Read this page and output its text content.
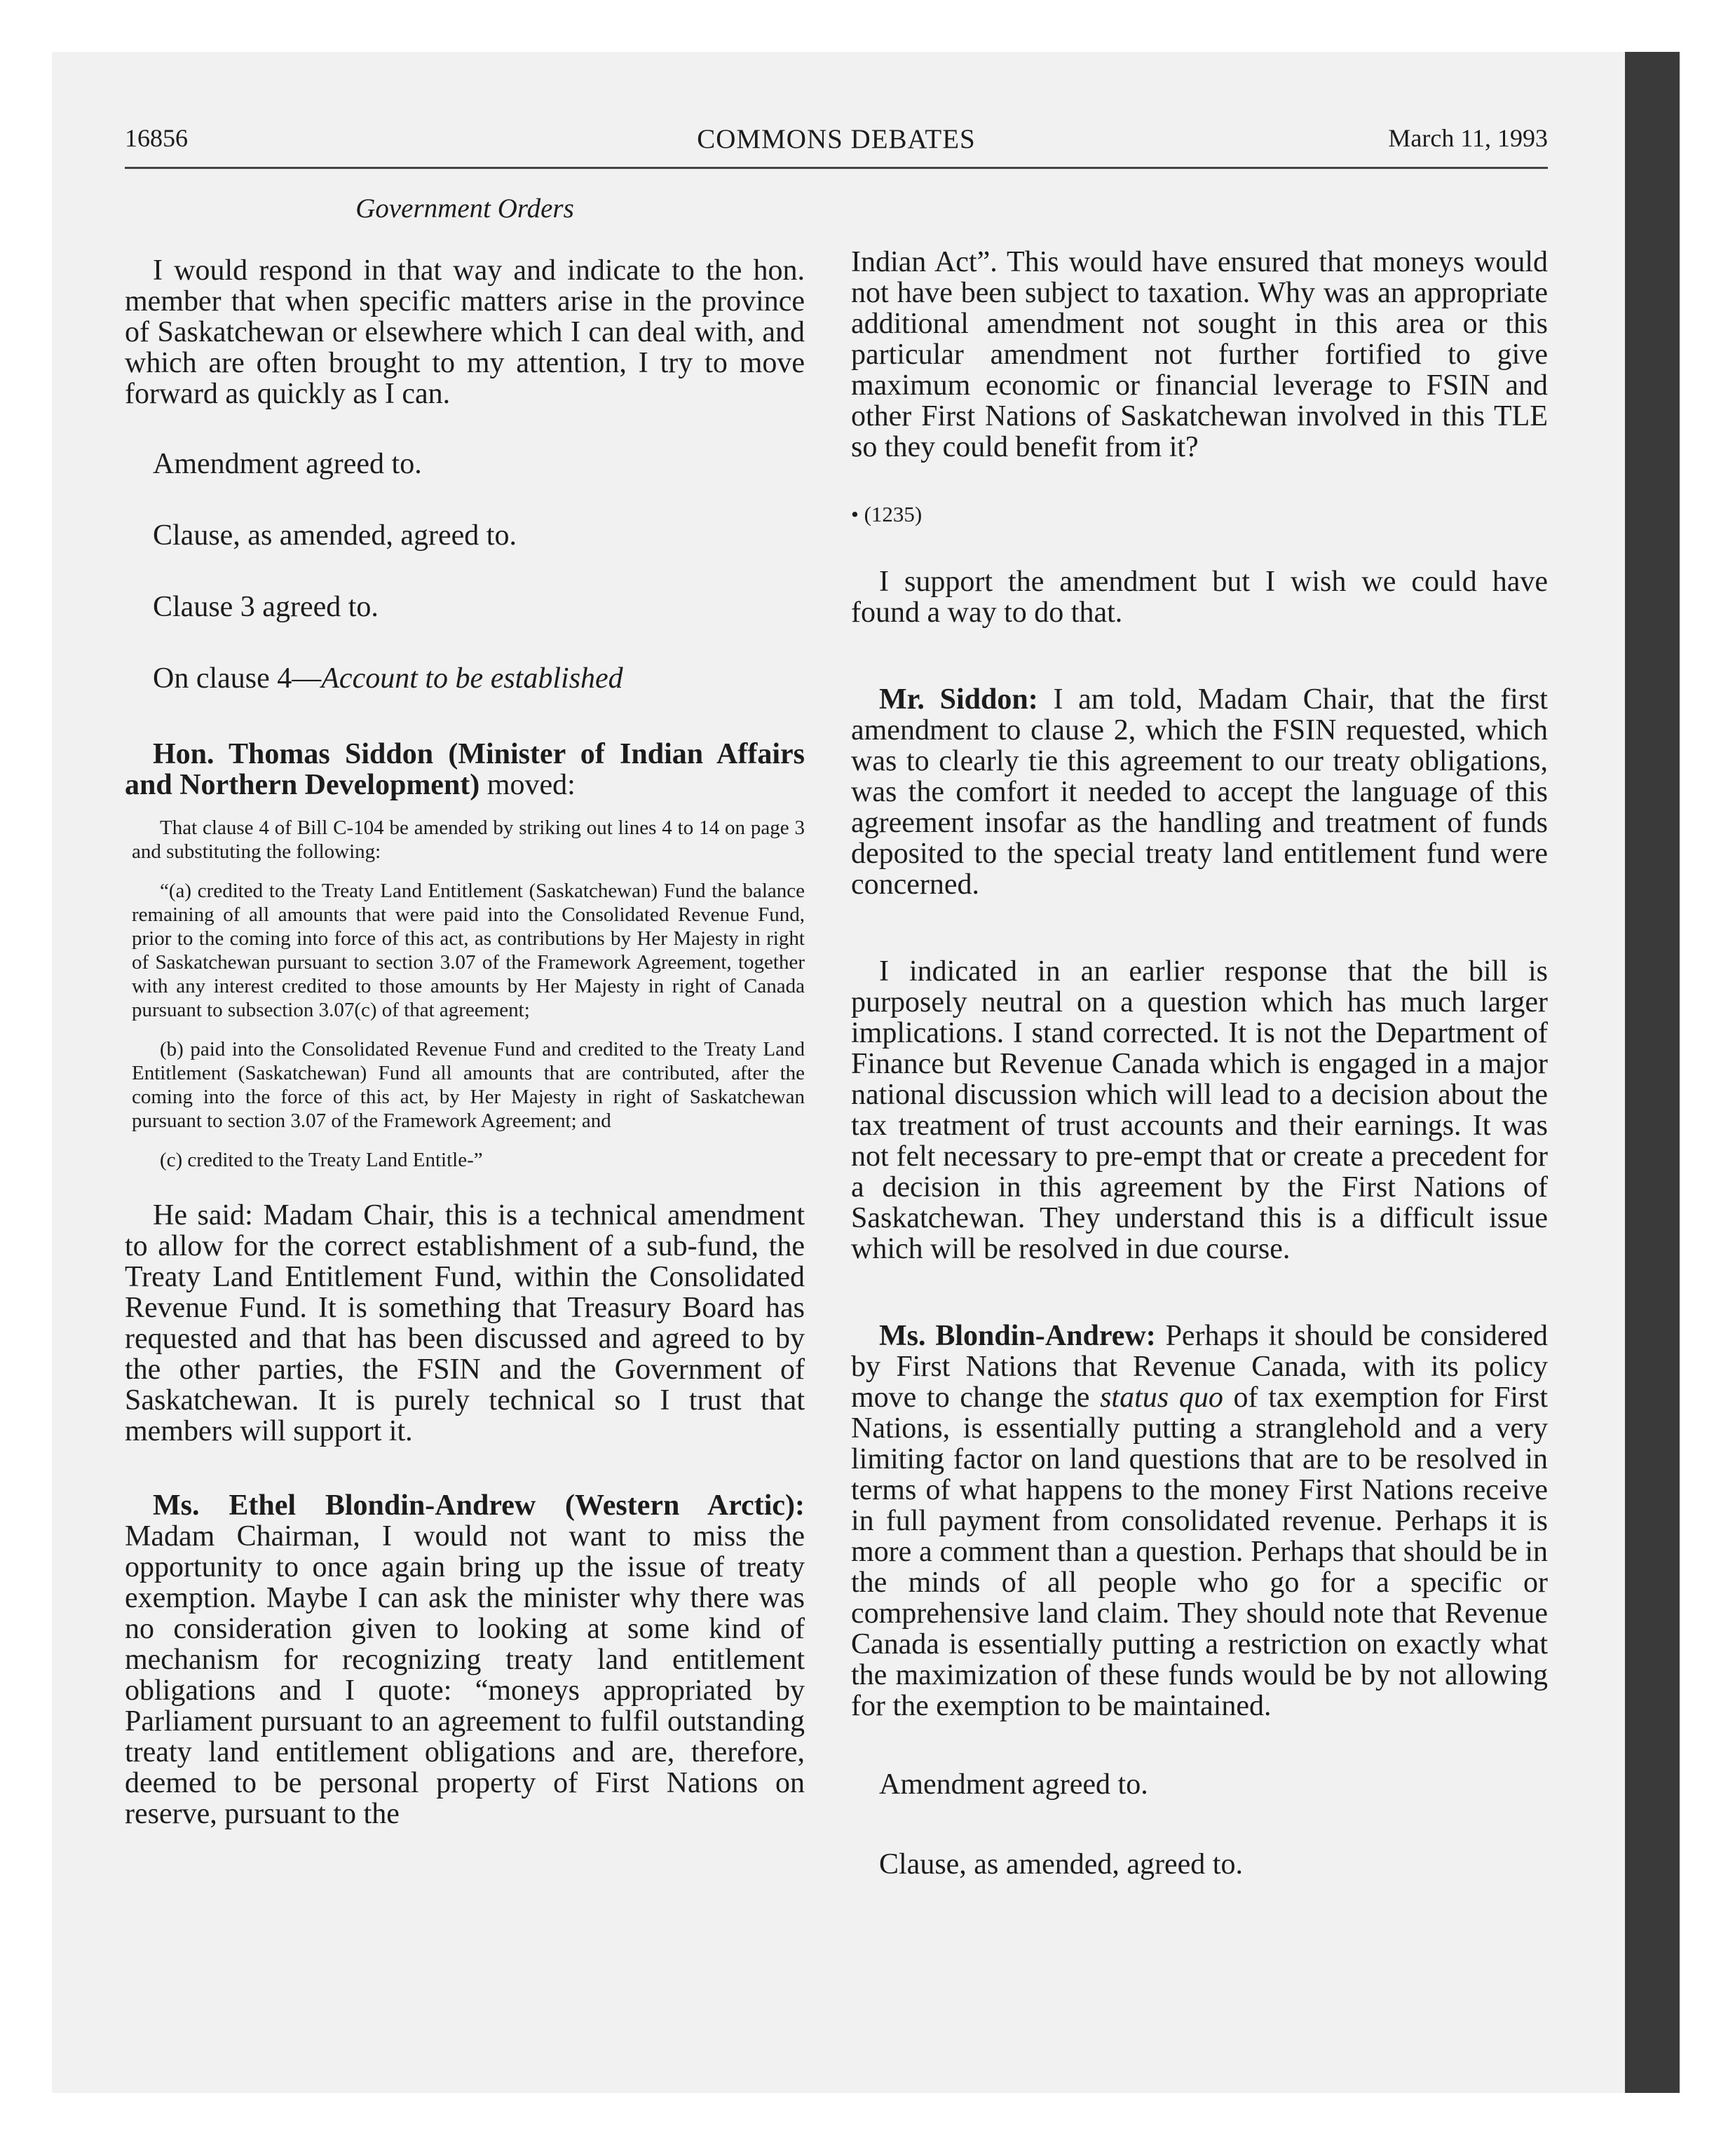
16856	COMMONS DEBATES	March 11, 1993
Government Orders

I would respond in that way and indicate to the hon. member that when specific matters arise in the province of Saskatchewan or elsewhere which I can deal with, and which are often brought to my attention, I try to move forward as quickly as I can.

Amendment agreed to.

Clause, as amended, agreed to.

Clause 3 agreed to.

On clause 4—Account to be established

Hon. Thomas Siddon (Minister of Indian Affairs and Northern Development) moved:

That clause 4 of Bill C-104 be amended by striking out lines 4 to 14 on page 3 and substituting the following:

“(a) credited to the Treaty Land Entitlement (Saskatchewan) Fund the balance remaining of all amounts that were paid into the Consolidated Revenue Fund, prior to the coming into force of this act, as contributions by Her Majesty in right of Saskatchewan pursuant to section 3.07 of the Framework Agreement, together with any interest credited to those amounts by Her Majesty in right of Canada pursuant to subsection 3.07(c) of that agreement;

(b) paid into the Consolidated Revenue Fund and credited to the Treaty Land Entitlement (Saskatchewan) Fund all amounts that are contributed, after the coming into the force of this act, by Her Majesty in right of Saskatchewan pursuant to section 3.07 of the Framework Agreement; and

(c) credited to the Treaty Land Entitle-”

He said: Madam Chair, this is a technical amendment to allow for the correct establishment of a sub-fund, the Treaty Land Entitlement Fund, within the Consolidated Revenue Fund. It is something that Treasury Board has requested and that has been discussed and agreed to by the other parties, the FSIN and the Government of Saskatchewan. It is purely technical so I trust that members will support it.

Ms. Ethel Blondin-Andrew (Western Arctic): Madam Chairman, I would not want to miss the opportunity to once again bring up the issue of treaty exemption. Maybe I can ask the minister why there was no consideration given to looking at some kind of mechanism for recognizing treaty land entitlement obligations and I quote: “moneys appropriated by Parliament pursuant to an agreement to fulfil outstanding treaty land entitlement obligations and are, therefore, deemed to be personal property of First Nations on reserve, pursuant to the

Indian Act”. This would have ensured that moneys would not have been subject to taxation. Why was an appropriate additional amendment not sought in this area or this particular amendment not further fortified to give maximum economic or financial leverage to FSIN and other First Nations of Saskatchewan involved in this TLE so they could benefit from it?

• (1235)

I support the amendment but I wish we could have found a way to do that.

Mr. Siddon: I am told, Madam Chair, that the first amendment to clause 2, which the FSIN requested, which was to clearly tie this agreement to our treaty obligations, was the comfort it needed to accept the language of this agreement insofar as the handling and treatment of funds deposited to the special treaty land entitlement fund were concerned.

I indicated in an earlier response that the bill is purposely neutral on a question which has much larger implications. I stand corrected. It is not the Department of Finance but Revenue Canada which is engaged in a major national discussion which will lead to a decision about the tax treatment of trust accounts and their earnings. It was not felt necessary to pre-empt that or create a precedent for a decision in this agreement by the First Nations of Saskatchewan. They understand this is a difficult issue which will be resolved in due course.

Ms. Blondin-Andrew: Perhaps it should be considered by First Nations that Revenue Canada, with its policy move to change the status quo of tax exemption for First Nations, is essentially putting a stranglehold and a very limiting factor on land questions that are to be resolved in terms of what happens to the money First Nations receive in full payment from consolidated revenue. Perhaps it is more a comment than a question. Perhaps that should be in the minds of all people who go for a specific or comprehensive land claim. They should note that Revenue Canada is essentially putting a restriction on exactly what the maximization of these funds would be by not allowing for the exemption to be maintained.

Amendment agreed to.

Clause, as amended, agreed to.
